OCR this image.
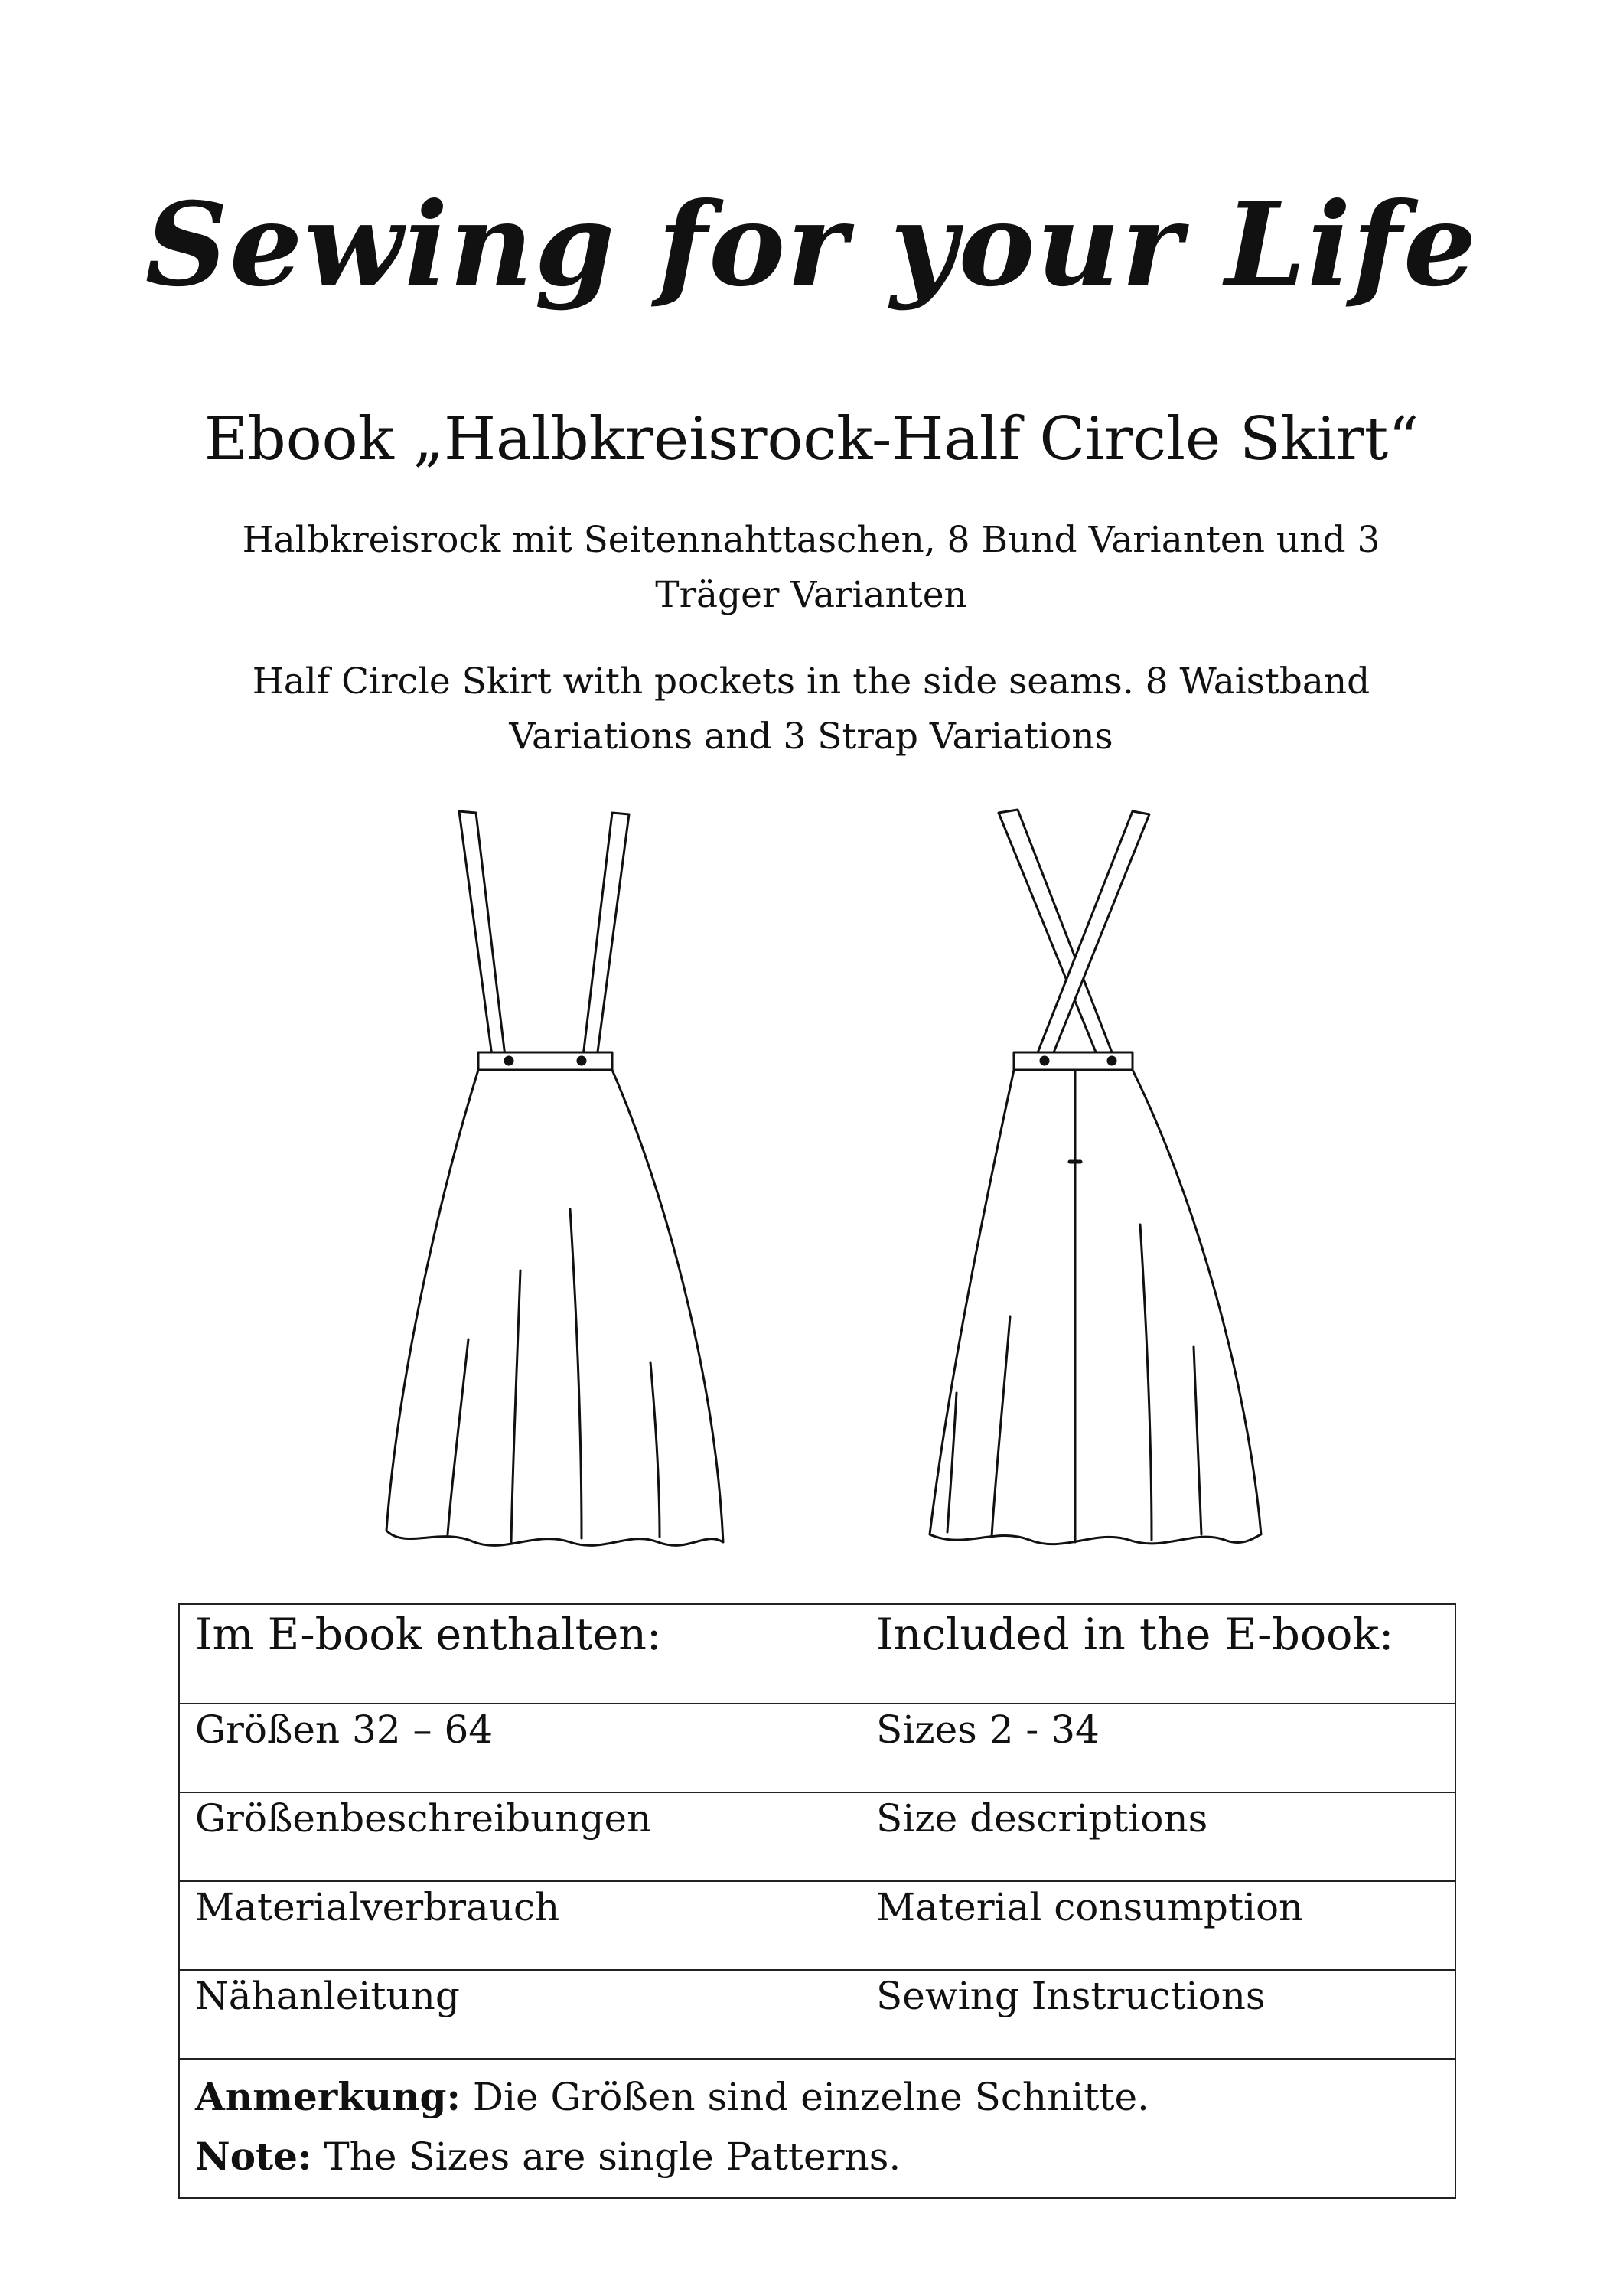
Sewing for your Life
Ebook „Halbkreisrock-Half Circle Skirt“
Halbkreisrock mit Seitennahttaschen, 8 Bund Varianten und 3 Träger Varianten
Half Circle Skirt with pockets in the side seams. 8 Waistband Variations and 3 Strap Variations
Im E-book enthalten:	Included in the E-book:
Größen 32 – 64	Sizes 2 - 34
Größenbeschreibungen	Size descriptions
Materialverbrauch	Material consumption
Nähanleitung	Sewing Instructions

Anmerkung: Die Größen sind einzelne Schnitte.
Note: The Sizes are single Patterns.	
